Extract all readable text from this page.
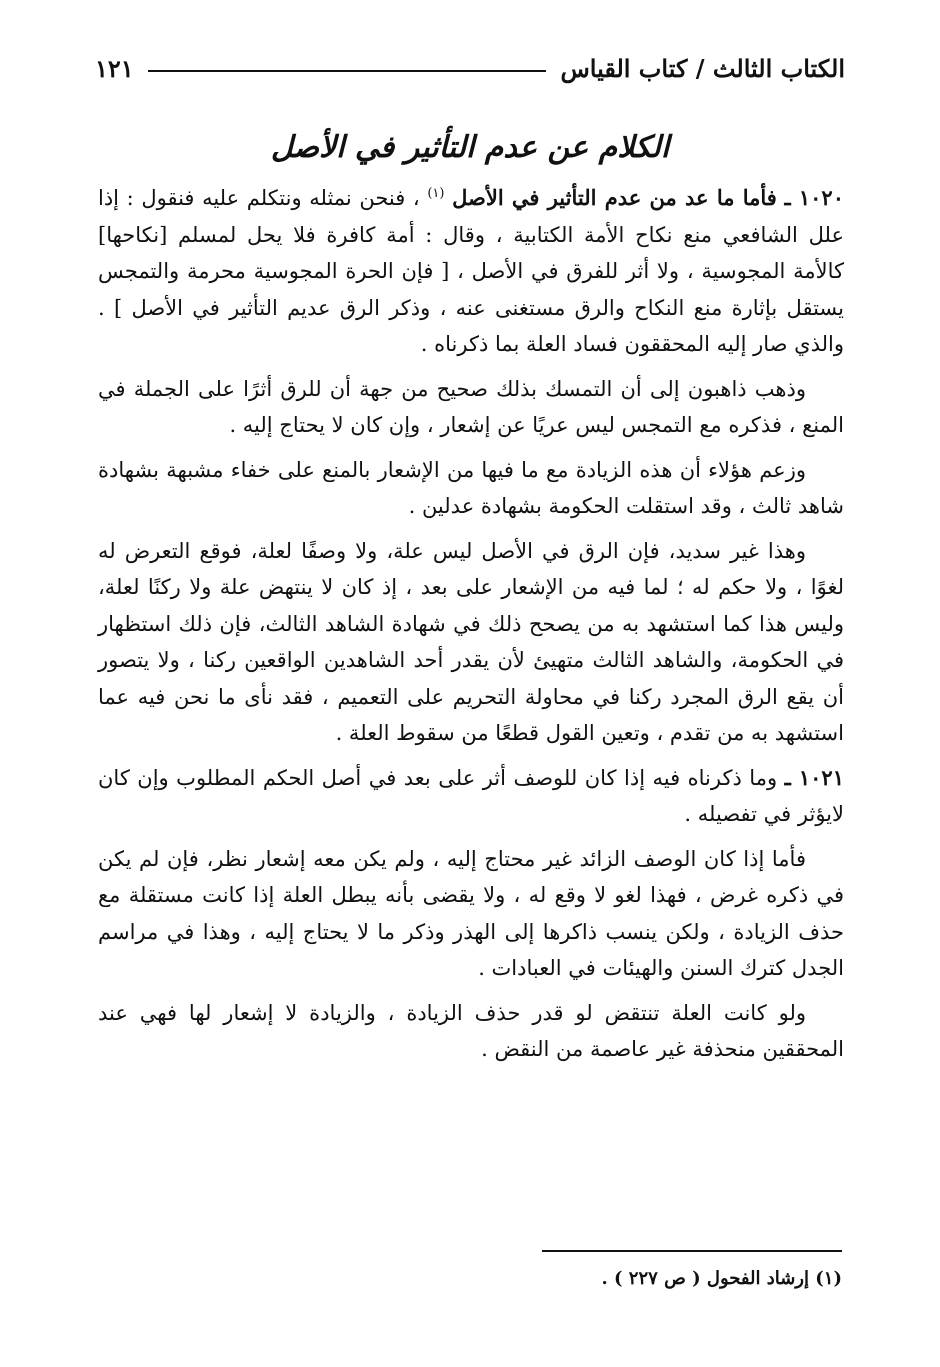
الكتاب الثالث / كتاب القياس
١٢١
الكلام عن عدم التأثير في الأصل

١٠٢٠ ـ فأما ما عد من عدم التأثير في الأصل $^{(١)}$ ، فنحن نمثله ونتكلم عليه فنقول : إذا علل الشافعي منع نكاح الأمة الكتابية ، وقال : أمة كافرة فلا يحل لمسلم [نكاحها] كالأمة المجوسية ، ولا أثر للفرق في الأصل ، [ فإن الحرة المجوسية محرمة والتمجس يستقل بإثارة منع النكاح والرق مستغنى عنه ، وذكر الرق عديم التأثير في الأصل ] . والذي صار إليه المحققون فساد العلة بما ذكرناه .

وذهب ذاهبون إلى أن التمسك بذلك صحيح من جهة أن للرق أثرًا على الجملة في المنع ، فذكره مع التمجس ليس عريًا عن إشعار ، وإن كان لا يحتاج إليه .

وزعم هؤلاء أن هذه الزيادة مع ما فيها من الإشعار بالمنع على خفاء مشبهة بشهادة شاهد ثالث ، وقد استقلت الحكومة بشهادة عدلين .

وهذا غير سديد، فإن الرق في الأصل ليس علة، ولا وصفًا لعلة، فوقع التعرض له لغوًا ، ولا حكم له ؛ لما فيه من الإشعار على بعد ، إذ كان لا ينتهض علة ولا ركنًا لعلة، وليس هذا كما استشهد به من يصحح ذلك في شهادة الشاهد الثالث، فإن ذلك استظهار في الحكومة، والشاهد الثالث متهيئ لأن يقدر أحد الشاهدين الواقعين ركنا ، ولا يتصور أن يقع الرق المجرد ركنا في محاولة التحريم على التعميم ، فقد نأى ما نحن فيه عما استشهد به من تقدم ، وتعين القول قطعًا من سقوط العلة .

١٠٢١ ـ وما ذكرناه فيه إذا كان للوصف أثر على بعد في أصل الحكم المطلوب وإن كان لايؤثر في تفصيله .

فأما إذا كان الوصف الزائد غير محتاج إليه ، ولم يكن معه إشعار نظر، فإن لم يكن في ذكره غرض ، فهذا لغو لا وقع له ، ولا يقضى بأنه يبطل العلة إذا كانت مستقلة مع حذف الزيادة ، ولكن ينسب ذاكرها إلى الهذر وذكر ما لا يحتاج إليه ، وهذا في مراسم الجدل كترك السنن والهيئات في العبادات .

ولو كانت العلة تنتقض لو قدر حذف الزيادة ، والزيادة لا إشعار لها فهي عند المحققين منحذفة غير عاصمة من النقض .

(١) إرشاد الفحول ( ص ٢٢٧ ) .
